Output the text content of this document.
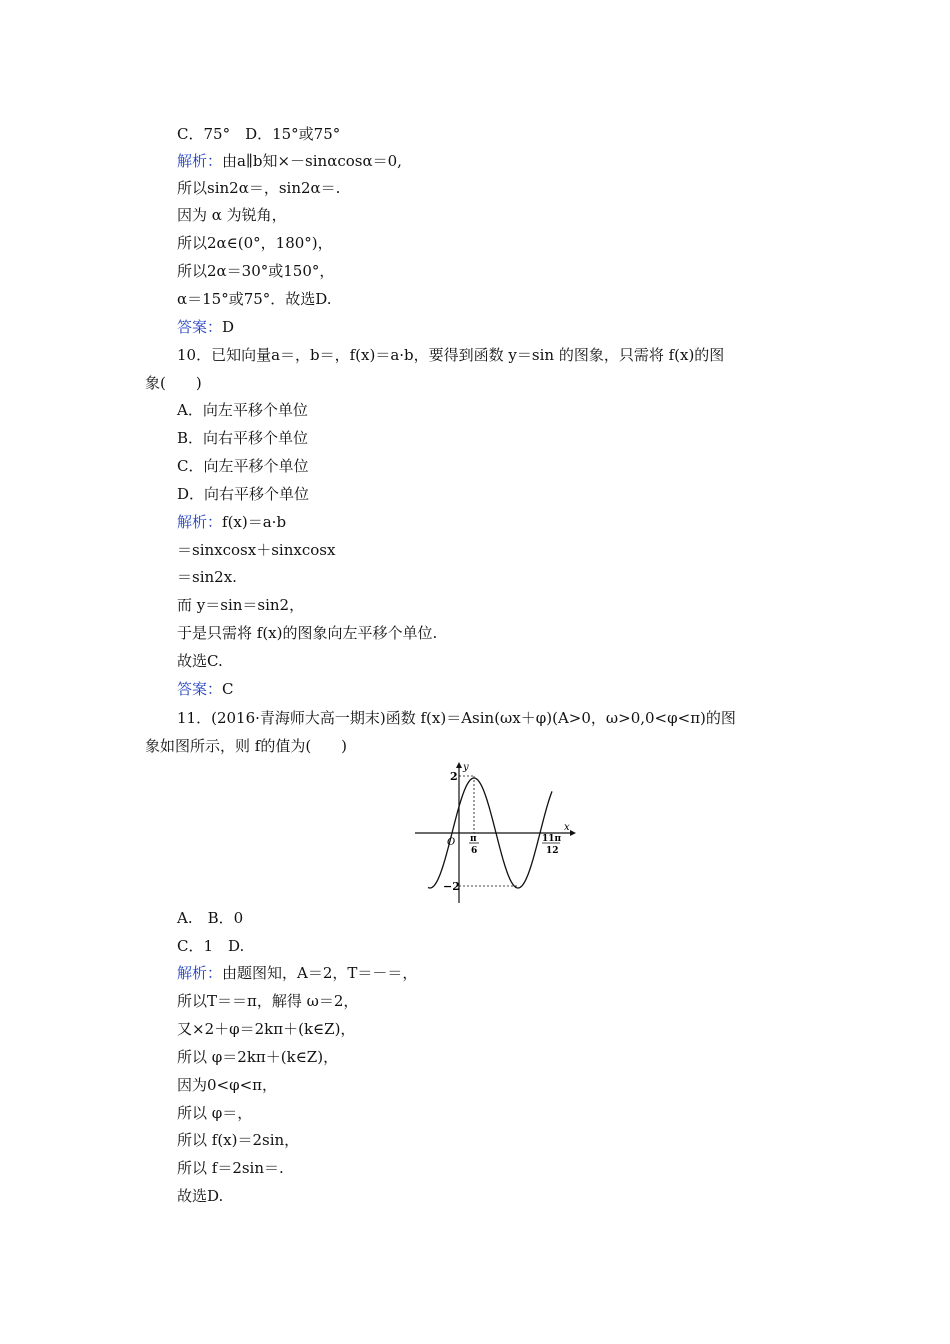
C．75°　D．15°或75°
解析：由a∥b知×－sinαcosα＝0,
所以sin2α＝，sin2α＝.
因为 α 为锐角，
所以2α∈(0°，180°)，
所以2α＝30°或150°，
α＝15°或75°．故选D.
答案：D
10．已知向量a＝，b＝，f(x)＝a·b，要得到函数 y＝sin 的图象，只需将 f(x)的图
象(　　)
A．向左平移个单位
B．向右平移个单位
C．向左平移个单位
D．向右平移个单位
解析：f(x)＝a·b
＝sinxcosx＋sinxcosx
＝sin2x.
而 y＝sin＝sin2，
于是只需将 f(x)的图象向左平移个单位.
故选C.
答案：C
11．(2016·青海师大高一期末)函数 f(x)＝Asin(ωx＋φ)(A>0，ω>0,0<φ<π)的图
象如图所示，则 f的值为(　　)
A.　B．0
C．1　D.
解析：由题图知，A＝2，T＝－＝，
所以T＝＝π，解得 ω＝2，
又×2＋φ＝2kπ＋(k∈Z)，
所以 φ＝2kπ＋(k∈Z)，
因为0<φ<π，
所以 φ＝，
所以 f(x)＝2sin，
所以 f＝2sin＝.
故选D.
y
x
O
2
−2
π
6
11π
12
